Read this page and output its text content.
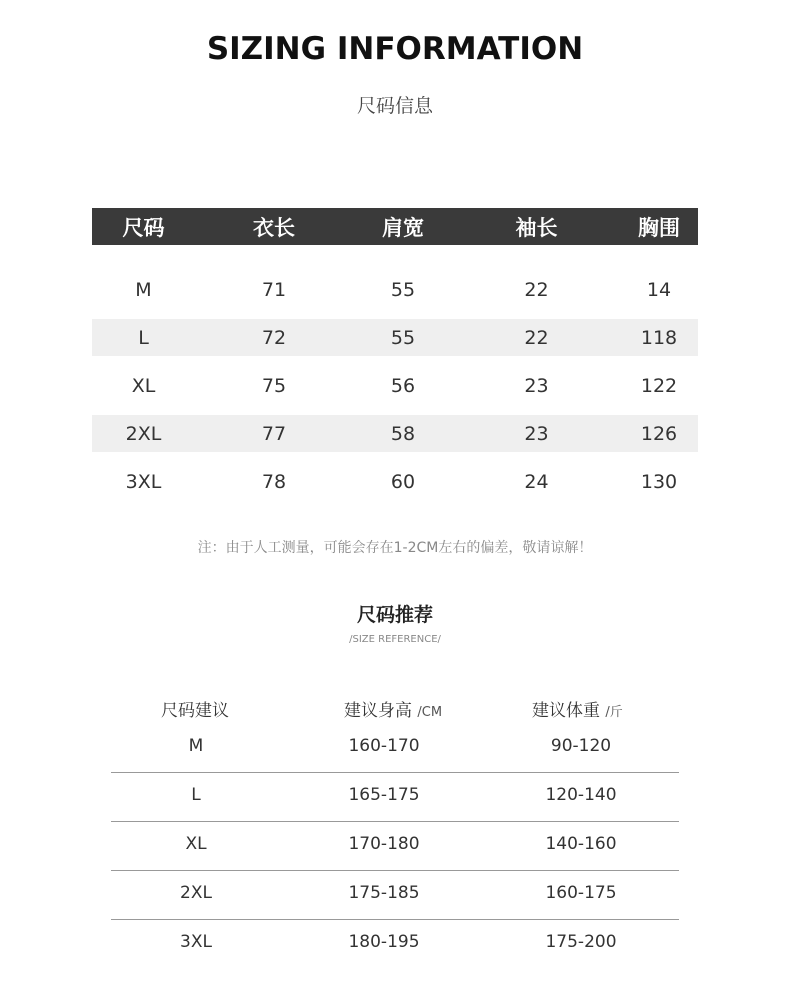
SIZING INFORMATION
尺码信息
尺码	衣长	肩宽	袖长	胸围
M	71	55	22	14
L	72	55	22	118
XL	75	56	23	122
2XL	77	58	23	126
3XL	78	60	24	130
注：由于人工测量，可能会存在1-2CM左右的偏差，敬请谅解！
尺码推荐
/SIZE REFERENCE/
尺码建议	建议身高 /CM	建议体重 /斤
M	160-170	90-120
L	165-175	120-140
XL	170-180	140-160
2XL	175-185	160-175
3XL	180-195	175-200
